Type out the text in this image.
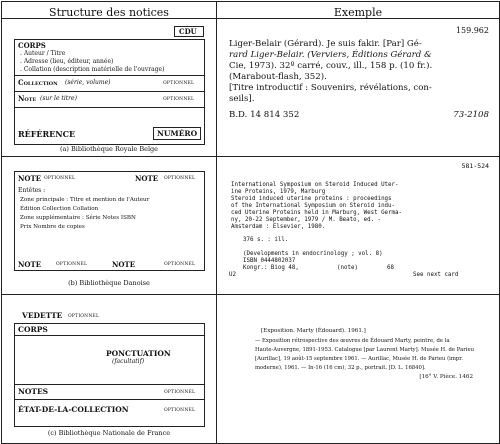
Structure des notices	Exemple
CDU
CORPS
. Auteur / Titre
. Adresse (lieu, éditeur, année)
. Collation (description matérielle de l'ouvrage)
Collection (série, volume)	OPTIONNEL
Note (sur le titre)	OPTIONNEL
RÉFÉRENCE	NUMÉRO
(a) Bibliothèque Royale Belge
159.962
Liger-Belair (Gérard). Je suis fakir. [Par] Gé-
rard Liger-Belair. (Verviers, Éditions Gérard &
Cie, 1973). 32º carré, couv., ill., 158 p. (10 fr.).
(Marabout-flash, 352).
[Titre introductif : Souvenirs, révélations, con-
seils].
B.D. 14 814 352	73-2108
NOTE OPTIONNEL	NOTE OPTIONNEL
Entêtes :
Zone principale : Titre et mention de l'Auteur
Édition Collection Collation
Zone supplémentaire : Série Notes ISBN
Prix Nombre de copies
NOTE	OPTIONNEL	NOTE	OPTIONNEL
(b) Bibliothèque Danoise
581-524
International Symposium on Steroid Induced Uter-
ine Proteins, 1979, Marburg
Steroid induced uterine proteins : proceedings
of the International Symposium on Steroid indu-
ced Uterine Proteins held in Marburg, West Germa-
ny, 20-22 September, 1979 / M. Beato, ed. -
Amsterdam : Elsevier, 1980.
376 s. : ill.
(Developments in endocrinology ; vol. 8)
ISBN 0444802037
Kongr.: Biog 48,	(note)	68
U2	See next card
VEDETTE OPTIONNEL
CORPS
PONCTUATION
(facultatif)
NOTES	OPTIONNEL
ÉTAT-DE-LA-COLLECTION	OPTIONNEL
(c) Bibliothèque Nationale de France
[Exposition. Marty (Édouard). 1961.]
— Exposition rétrospective des œuvres de Édouard Marty, peintre, de la
Haute-Auvergne, 1891-1953. Catalogue [par Laurent Marty]. Musée H. de Parieu
[Aurillac], 19 août-15 septembre 1961. — Aurillac, Musée H. de Parieu (impr.
moderne), 1961. — In-16 (16 cm), 32 p., portrait. [D. L. 16840].
[16° V. Pièce. 1462
